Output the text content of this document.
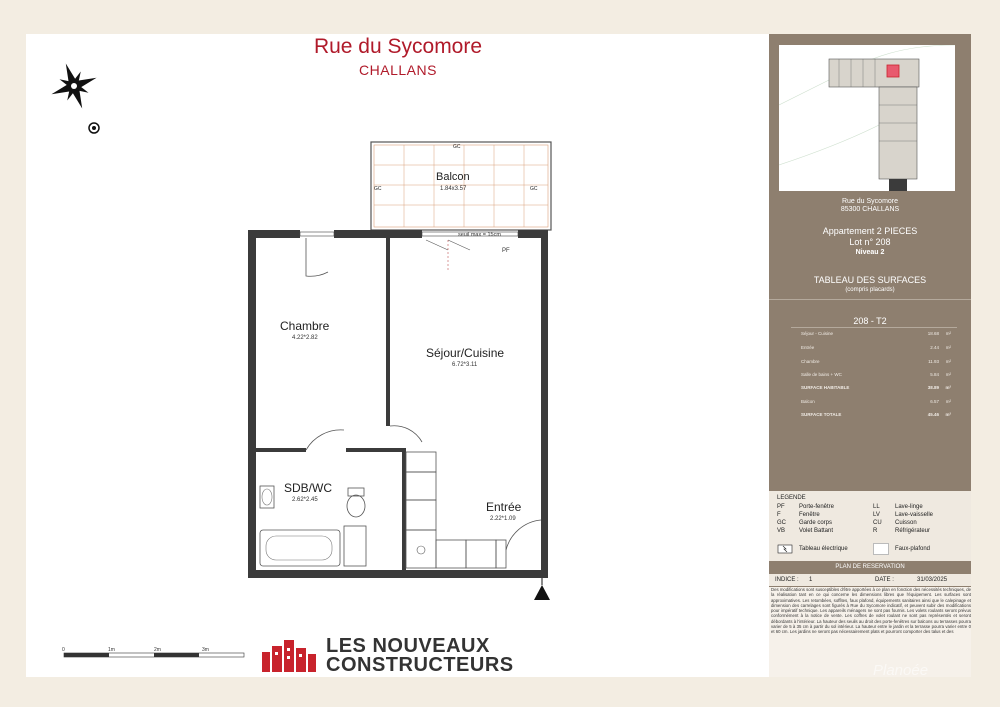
Rue du Sycomore
CHALLANS
GC
GC	GC
Balcon
1.84x3.57
seuil max = 15cm
PF
Chambre
4.22*2.82
Séjour/Cuisine
6.72*3.11
SDB/WC
2.62*2.45	Entrée
2.22*1.09
0	1m	2m	3m	LES NOUVEAUX
CONSTRUCTEURS
Rue du Sycomore
85300 CHALLANS
Appartement 2 PIECES
Lot n° 208
Niveau 2
TABLEAU DES SURFACES
(compris placards)
208 - T2
Séjour - Cuisine	18.68 m²
Entrée	2.44 m²
Chambre	11.93 m²
Salle de bains + WC	5.84 m²
SURFACE HABITABLE	38.89 m²
Balcon	6.57 m²
SURFACE TOTALE	45.46 m²
LEGENDE
PF Porte-fenêtre
F	Fenêtre
GC Garde corps
VB Volet Battant
LL	Lave-linge
LV	Lave-vaisselle
CU Cuisson
R	Réfrigérateur
Tableau électrique	Faux-plafond
PLAN DE RESERVATION
INDICE : 1	DATE :	31/03/2025
Des modifications sont susceptibles d'être apportées à ce plan en fonction des nécessités techniques, de la réalisation tant en ce qui concerne les dimensions libres que l'équipement. Les surfaces sont approximatives. Les retombées, soffites, faux plafond, équipements sanitaires ainsi que le calepinage et dimension des carrelages sont figurés à Rue du Sycomore indicatif, et peuvent subir des modifications pour impératif technique. Les appareils ménagers ne sont pas fournis. Les volets roulants seront prévus conformément à la notice de vente. Les coffres de volet roulant ne sont pas représentés et seront débordants à l'intérieur. La hauteur des seuils au droit des porte-fenêtres sur balcons ou terrasses pourra varier de 5 à 35 cm à partir du sol intérieur. La hauteur entre le jardin et la terrasse pourra varier entre 0 et 60 cm. Les jardins ne seront pas nécessairement plats et pourront comporter des talus et des
Planoée
